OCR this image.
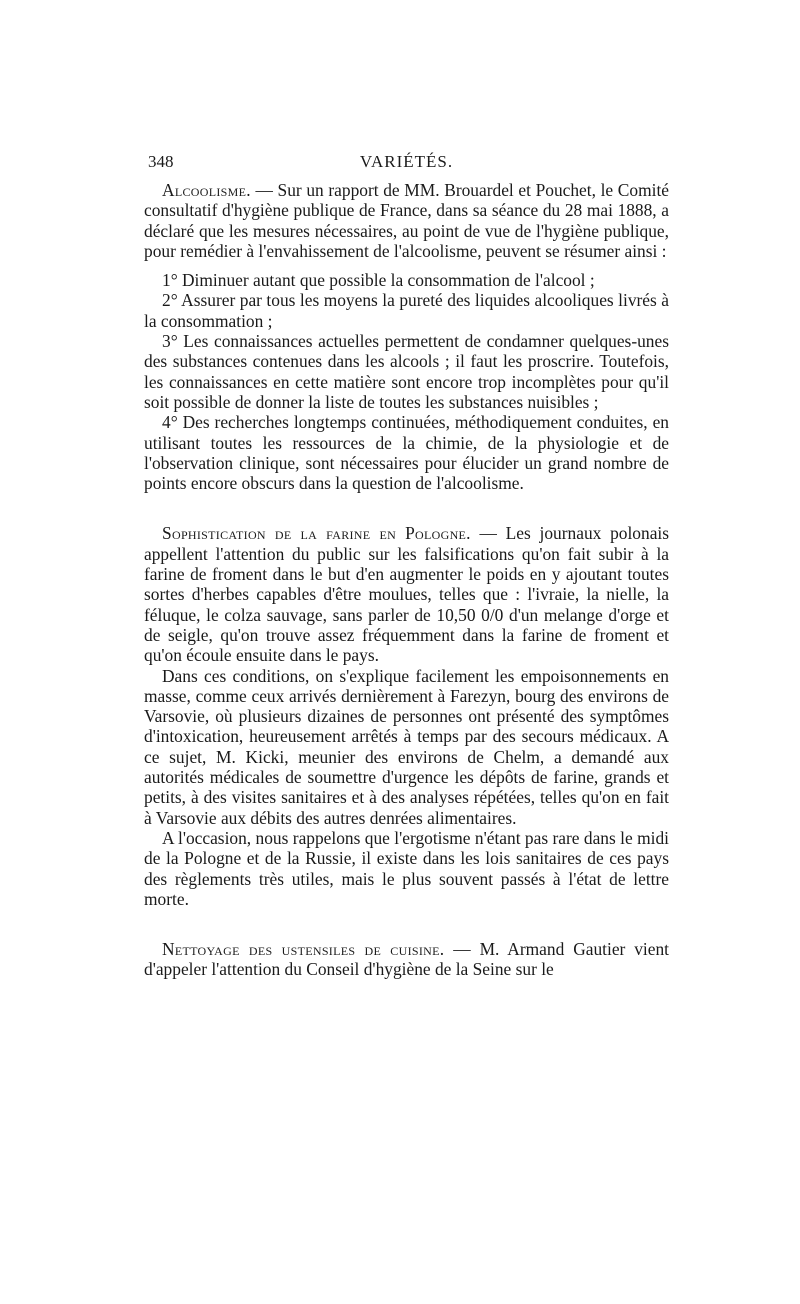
348	VARIÉTÉS.

Alcoolisme. — Sur un rapport de MM. Brouardel et Pouchet, le Comité consultatif d'hygiène publique de France, dans sa séance du 28 mai 1888, a déclaré que les mesures nécessaires, au point de vue de l'hygiène publique, pour remédier à l'envahissement de l'alcoolisme, peuvent se résumer ainsi :

1° Diminuer autant que possible la consommation de l'alcool ;

2° Assurer par tous les moyens la pureté des liquides alcooliques livrés à la consommation ;

3° Les connaissances actuelles permettent de condamner quelques-unes des substances contenues dans les alcools ; il faut les proscrire. Toutefois, les connaissances en cette matière sont encore trop incomplètes pour qu'il soit possible de donner la liste de toutes les substances nuisibles ;

4° Des recherches longtemps continuées, méthodiquement conduites, en utilisant toutes les ressources de la chimie, de la physiologie et de l'observation clinique, sont nécessaires pour élucider un grand nombre de points encore obscurs dans la question de l'alcoolisme.

Sophistication de la farine en Pologne. — Les journaux polonais appellent l'attention du public sur les falsifications qu'on fait subir à la farine de froment dans le but d'en augmenter le poids en y ajoutant toutes sortes d'herbes capables d'être moulues, telles que : l'ivraie, la nielle, la féluque, le colza sauvage, sans parler de 10,50 0/0 d'un melange d'orge et de seigle, qu'on trouve assez fréquemment dans la farine de froment et qu'on écoule ensuite dans le pays.

Dans ces conditions, on s'explique facilement les empoisonnements en masse, comme ceux arrivés dernièrement à Farezyn, bourg des environs de Varsovie, où plusieurs dizaines de personnes ont présenté des symptômes d'intoxication, heureusement arrêtés à temps par des secours médicaux. A ce sujet, M. Kicki, meunier des environs de Chelm, a demandé aux autorités médicales de soumettre d'urgence les dépôts de farine, grands et petits, à des visites sanitaires et à des analyses répétées, telles qu'on en fait à Varsovie aux débits des autres denrées alimentaires.

A l'occasion, nous rappelons que l'ergotisme n'étant pas rare dans le midi de la Pologne et de la Russie, il existe dans les lois sanitaires de ces pays des règlements très utiles, mais le plus souvent passés à l'état de lettre morte.

Nettoyage des ustensiles de cuisine. — M. Armand Gautier vient d'appeler l'attention du Conseil d'hygiène de la Seine sur le
